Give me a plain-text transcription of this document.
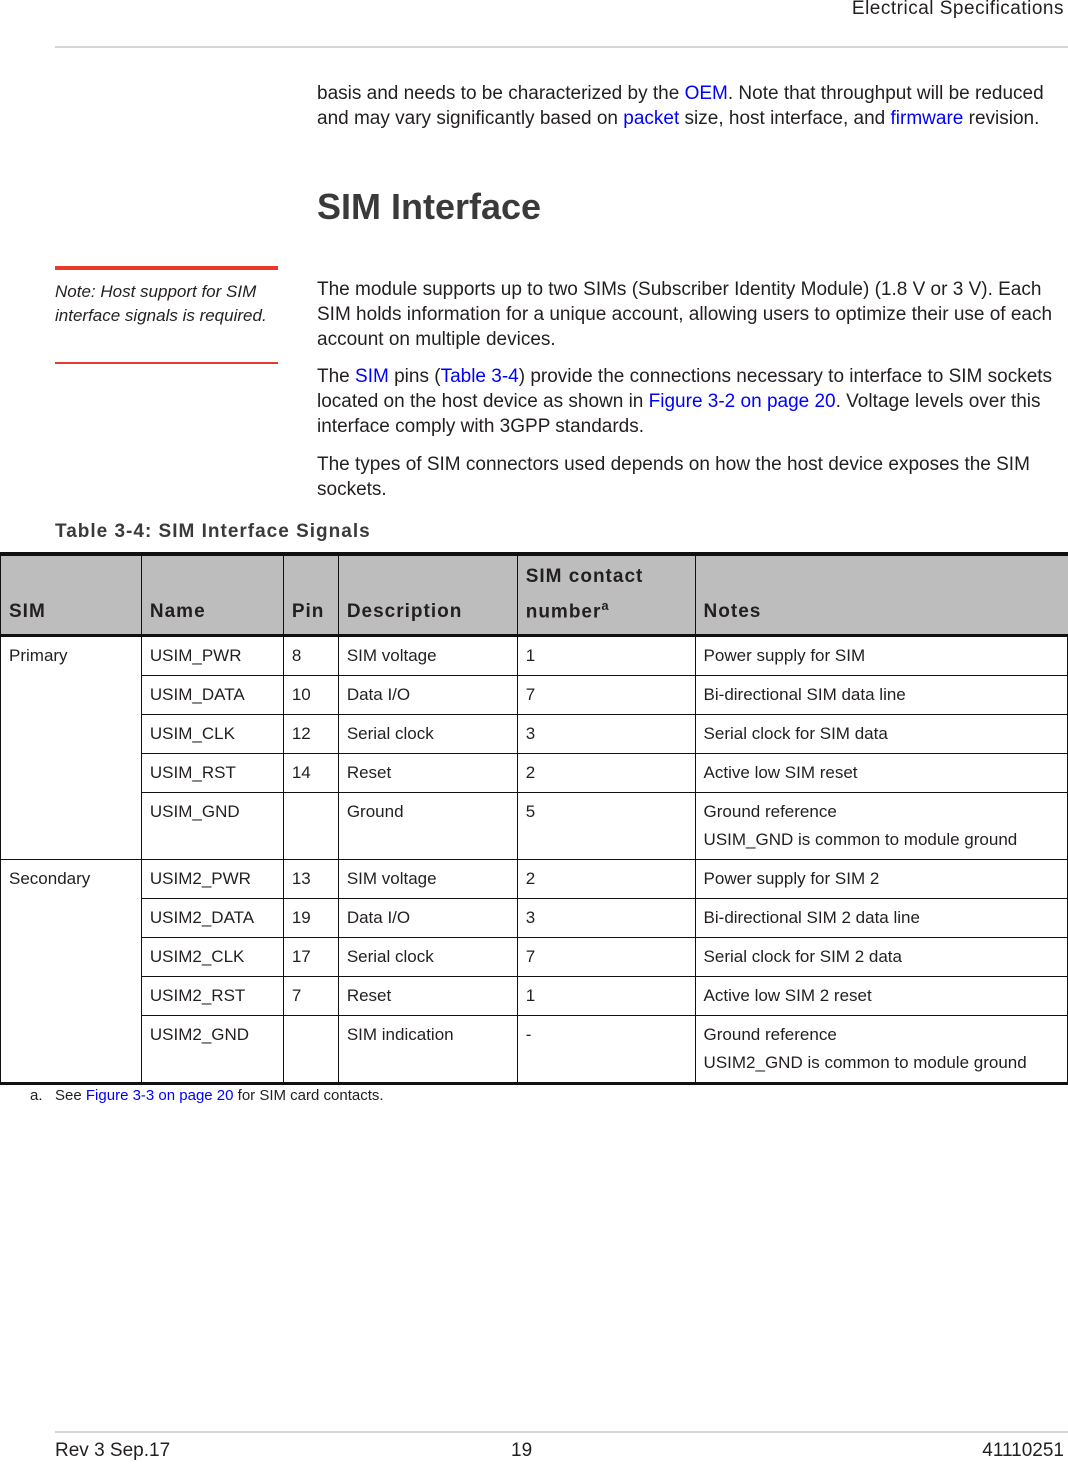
Electrical Specifications

basis and needs to be characterized by the OEM. Note that throughput will be reduced and may vary significantly based on packet size, host interface, and firmware revision.

SIM Interface
Note: Host support for SIM interface signals is required.

The module supports up to two SIMs (Subscriber Identity Module) (1.8 V or 3 V). Each SIM holds information for a unique account, allowing users to optimize their use of each account on multiple devices.

The SIM pins (Table 3-4) provide the connections necessary to interface to SIM sockets located on the host device as shown in Figure 3-2 on page 20. Voltage levels over this interface comply with 3GPP standards.

The types of SIM connectors used depends on how the host device exposes the SIM sockets.

Table 3-4: SIM Interface Signals
SIM	Name	Pin	Description	SIM contact number$^a$	Notes
Primary	USIM_PWR	8	SIM voltage	1	Power supply for SIM
	USIM_DATA	10	Data I/O	7	Bi-directional SIM data line
	USIM_CLK	12	Serial clock	3	Serial clock for SIM data
	USIM_RST	14	Reset	2	Active low SIM reset
	USIM_GND		Ground	5	Ground reference
USIM_GND is common to module ground

Secondary	USIM2_PWR	13	SIM voltage	2	Power supply for SIM 2
	USIM2_DATA	19	Data I/O	3	Bi-directional SIM 2 data line
	USIM2_CLK	17	Serial clock	7	Serial clock for SIM 2 data
	USIM2_RST	7	Reset	1	Active low SIM 2 reset
	USIM2_GND		SIM indication	-	Ground reference
USIM2_GND is common to module ground
a. See Figure 3-3 on page 20 for SIM card contacts.
Rev 3 Sep.17	19	41110251
